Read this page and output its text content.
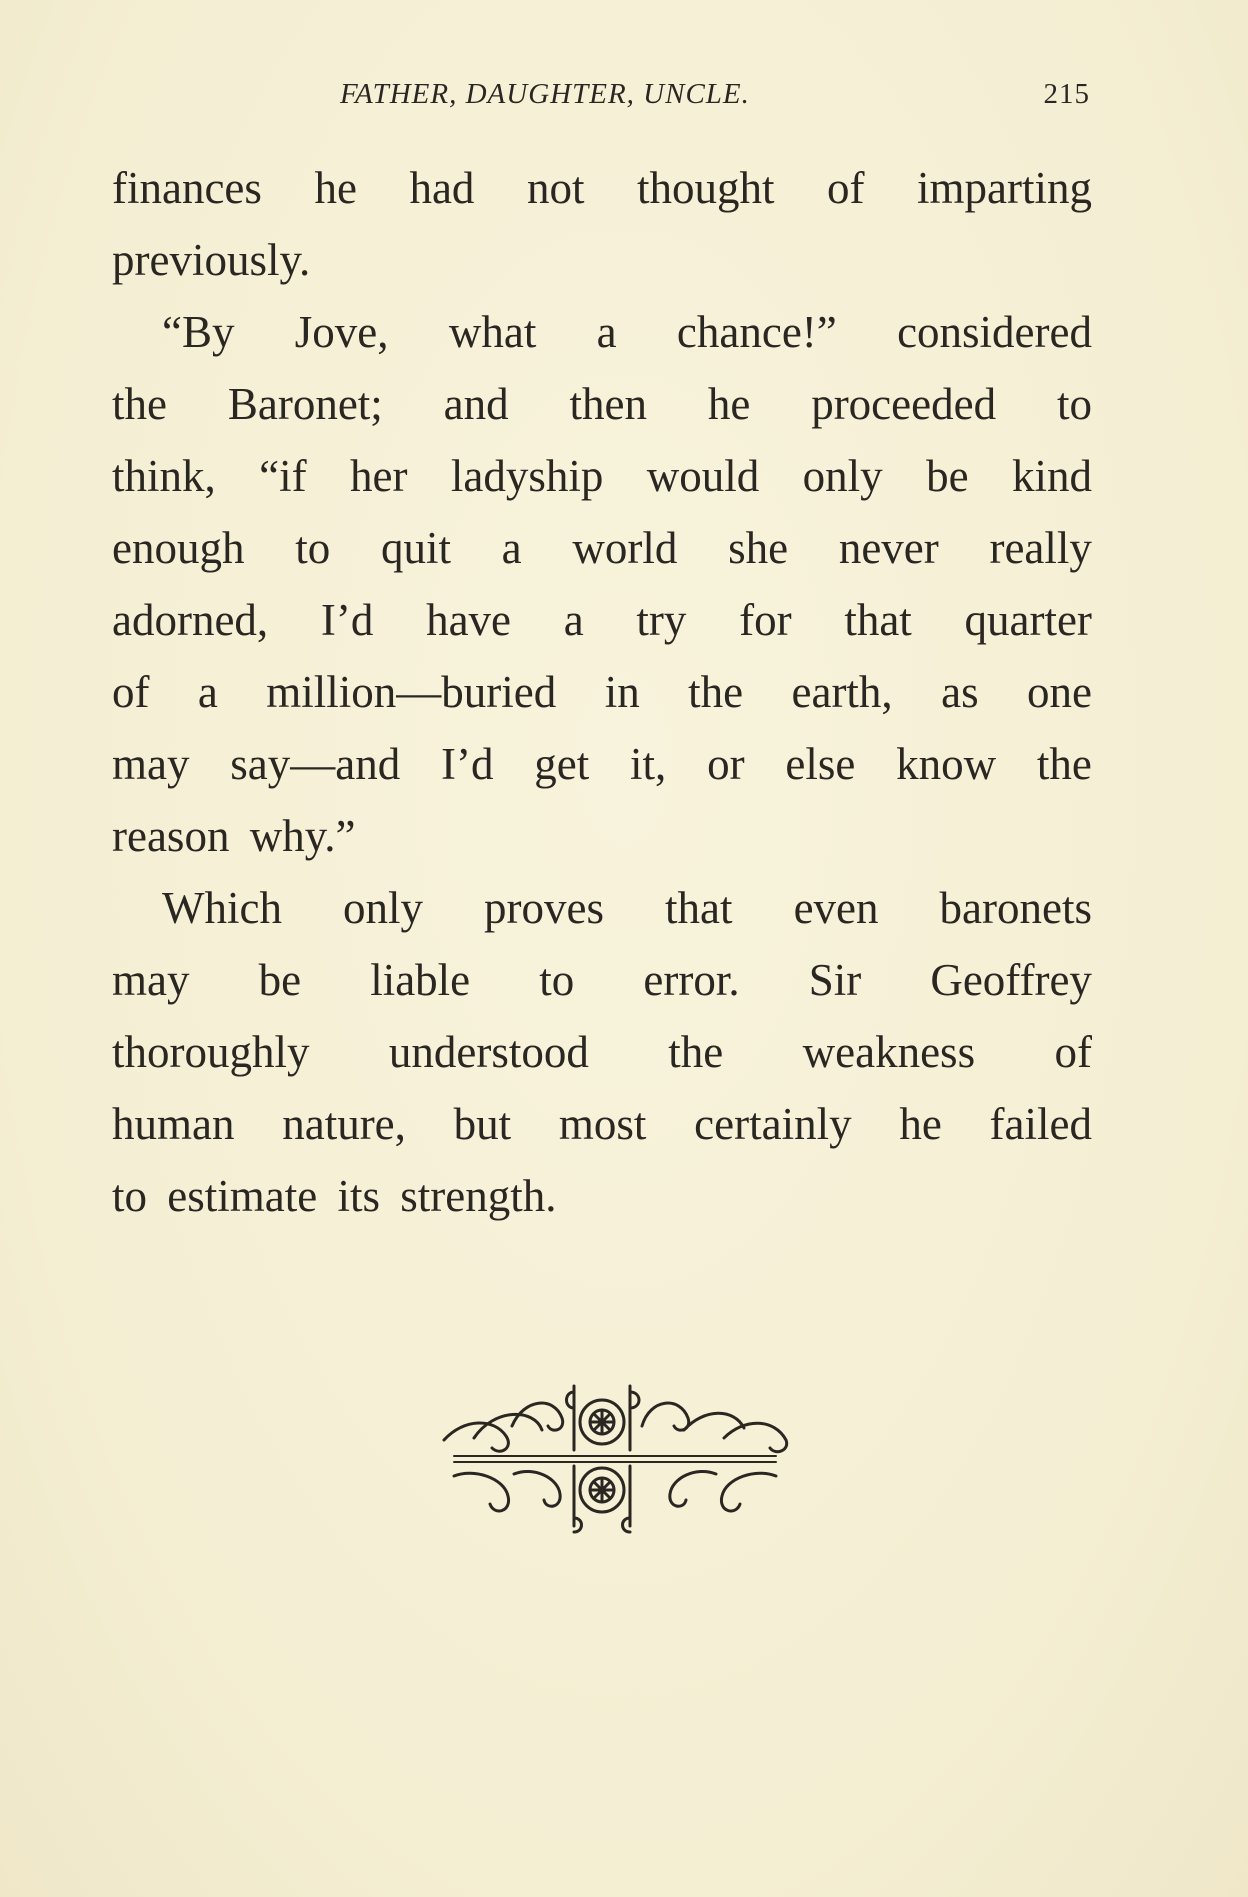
FATHER, DAUGHTER, UNCLE.	215
finances he had not thought of imparting
previously.
“By Jove, what a chance!” considered
the Baronet; and then he proceeded to
think, “if her ladyship would only be kind
enough to quit a world she never really
adorned, I’d have a try for that quarter
of a million—buried in the earth, as one
may say—and I’d get it, or else know the
reason why.”
Which only proves that even baronets
may be liable to error. Sir Geoffrey
thoroughly understood the weakness of
human nature, but most certainly he failed
to estimate its strength.
